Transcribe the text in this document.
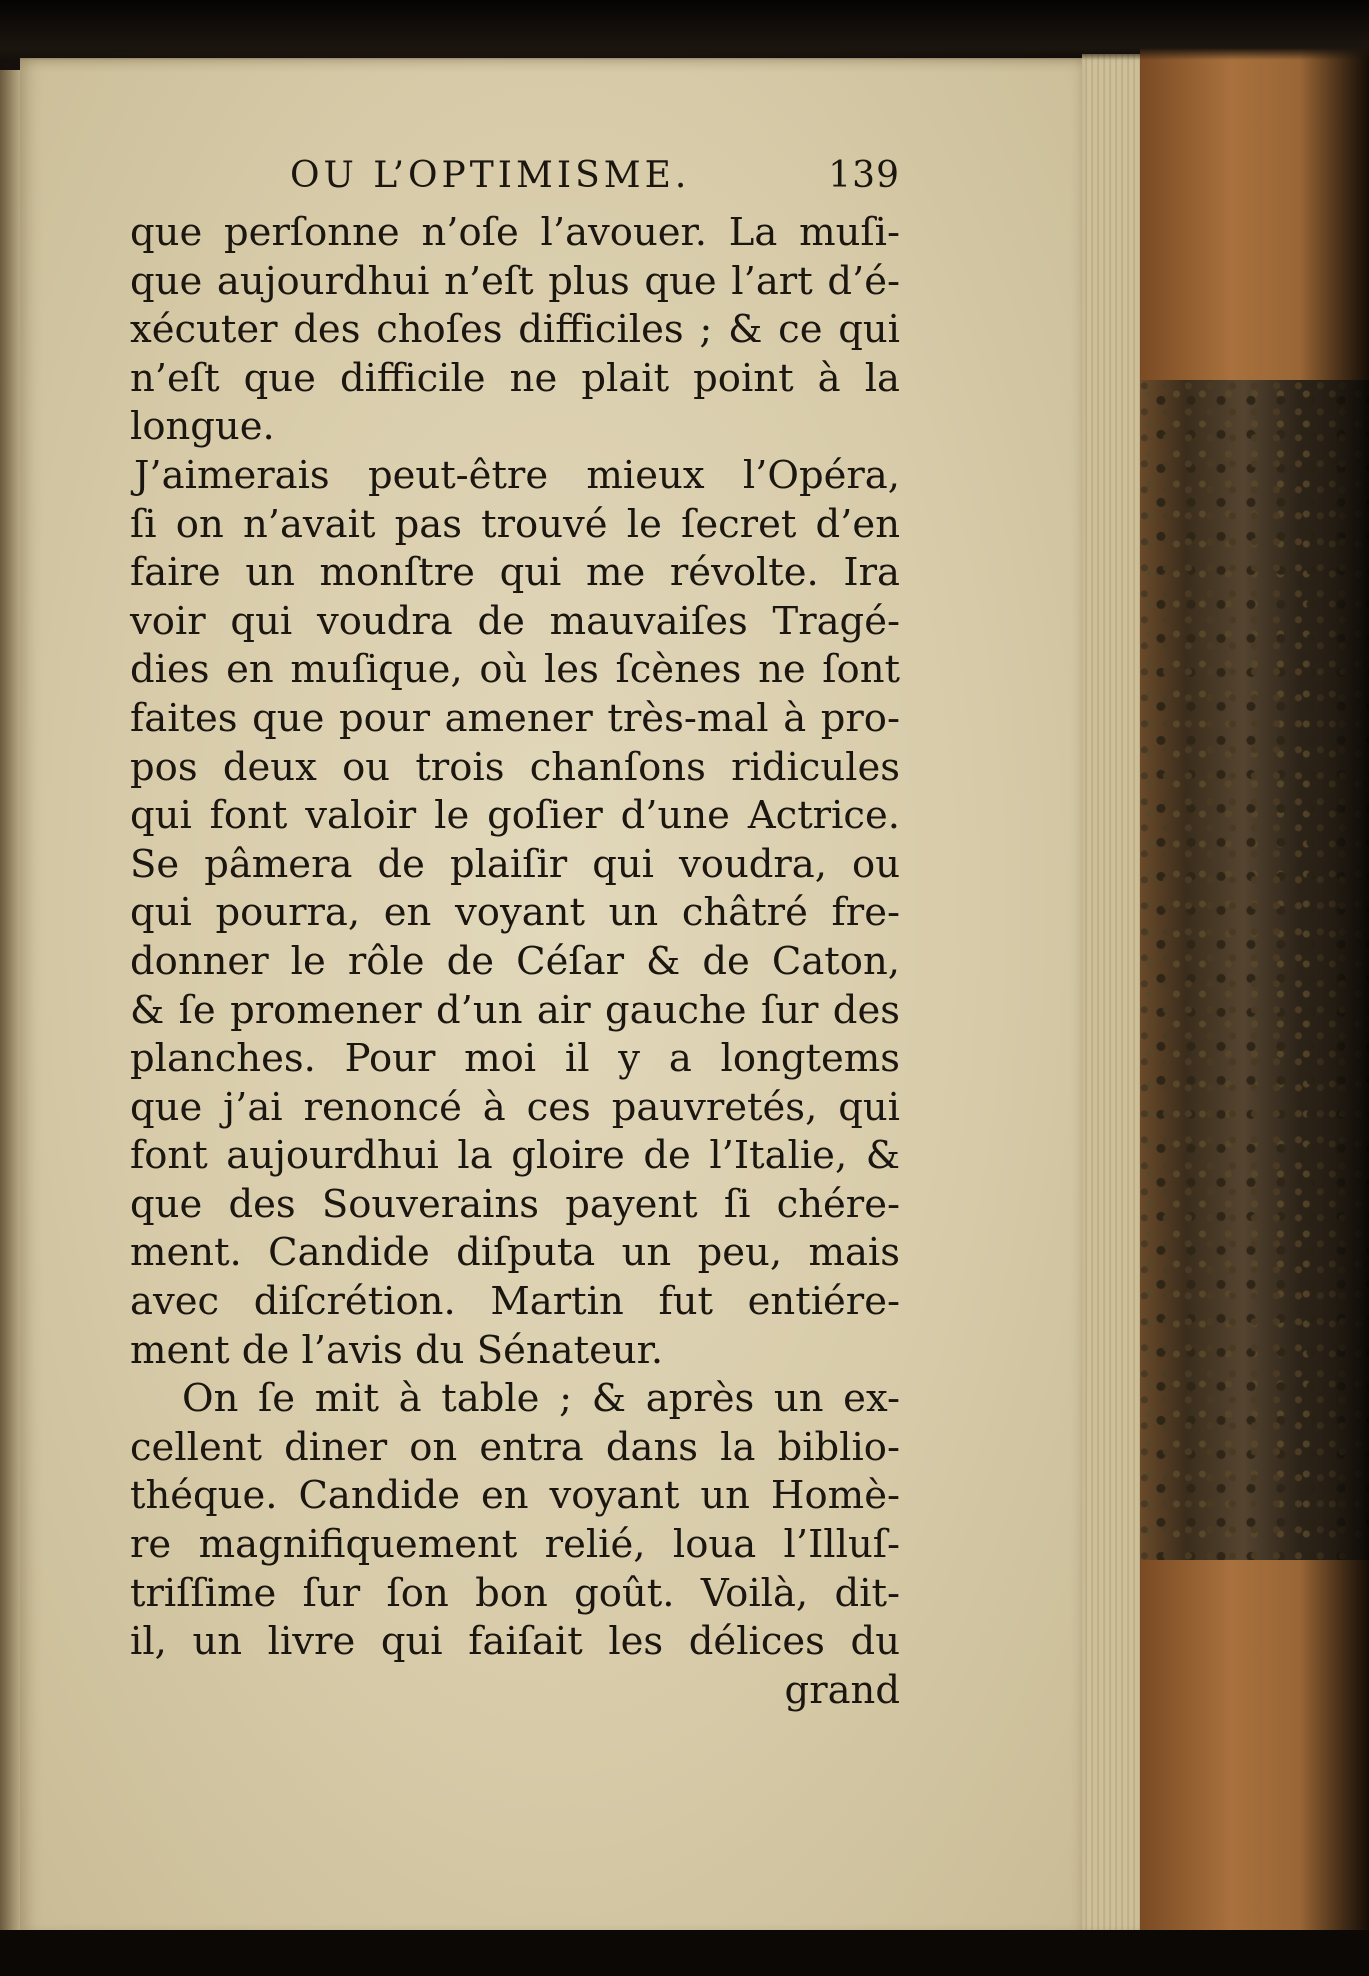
OU L’OPTIMISME.	139
que perſonne n’oſe l’avouer. La muſi-
que aujourdhui n’eſt plus que l’art d’é-
xécuter des choſes difficiles ; & ce qui
n’eſt que difficile ne plait point à la
longue.
J’aimerais peut-être mieux l’Opéra,
ſi on n’avait pas trouvé le ſecret d’en
faire un monſtre qui me révolte. Ira
voir qui voudra de mauvaiſes Tragé-
dies en muſique, où les ſcènes ne ſont
faites que pour amener très-mal à pro-
pos deux ou trois chanſons ridicules
qui font valoir le goſier d’une Actrice.
Se pâmera de plaiſir qui voudra, ou
qui pourra, en voyant un châtré fre-
donner le rôle de Céſar & de Caton,
& ſe promener d’un air gauche ſur des
planches. Pour moi il y a longtems
que j’ai renoncé à ces pauvretés, qui
font aujourdhui la gloire de l’Italie, &
que des Souverains payent ſi chére-
ment. Candide diſputa un peu, mais
avec diſcrétion. Martin fut entiére-
ment de l’avis du Sénateur.
On ſe mit à table ; & après un ex-
cellent diner on entra dans la biblio-
théque. Candide en voyant un Homè-
re magnifiquement relié, loua l’Illuſ-
triſſime ſur ſon bon goût. Voilà, dit-
il, un livre qui faiſait les délices du
grand
